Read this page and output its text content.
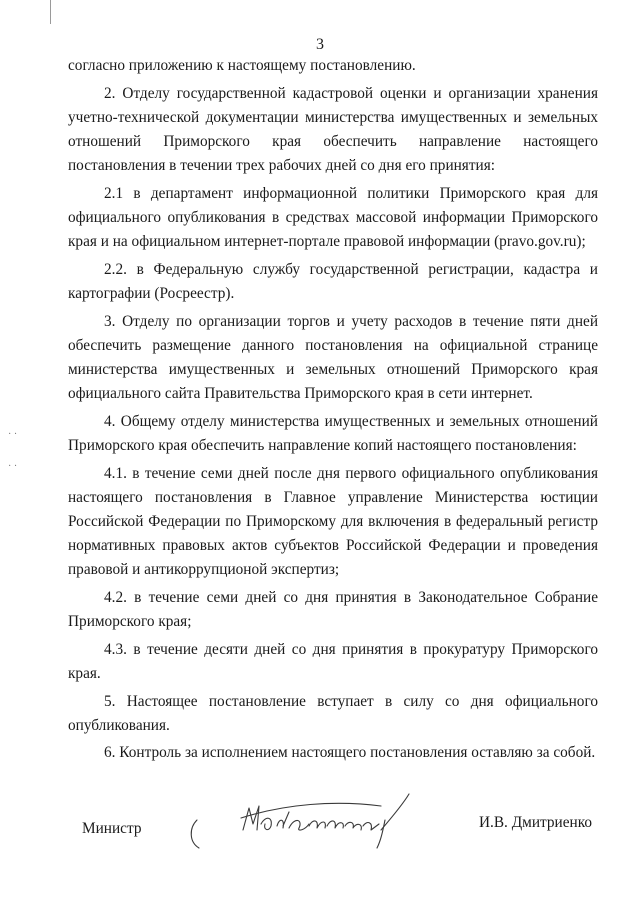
· ·
· ·
3

согласно приложению к настоящему постановлению.

2. Отделу государственной кадастровой оценки и организации хранения учетно-технической документации министерства имущественных и земельных отношений Приморского края обеспечить направление настоящего постановления в течении трех рабочих дней со дня его принятия:

2.1 в департамент информационной политики Приморского края для официального опубликования в средствах массовой информации Приморского края и на официальном интернет-портале правовой информации (pravo.gov.ru);

2.2. в Федеральную службу государственной регистрации, кадастра и картографии (Росреестр).

3. Отделу по организации торгов и учету расходов в течение пяти дней обеспечить размещение данного постановления на официальной странице министерства имущественных и земельных отношений Приморского края официального сайта Правительства Приморского края в сети интернет.

4. Общему отделу министерства имущественных и земельных отношений Приморского края обеспечить направление копий настоящего постановления:

4.1. в течение семи дней после дня первого официального опубликования настоящего постановления в Главное управление Министерства юстиции Российской Федерации по Приморскому для включения в федеральный регистр нормативных правовых актов субъектов Российской Федерации и проведения правовой и антикоррупционой экспертиз;

4.2. в течение семи дней со дня принятия в Законодательное Собрание Приморского края;

4.3. в течение десяти дней со дня принятия в прокуратуру Приморского края.

5. Настоящее постановление вступает в силу со дня официального опубликования.

6. Контроль за исполнением настоящего постановления оставляю за собой.

Министр	И.В. Дмитриенко
